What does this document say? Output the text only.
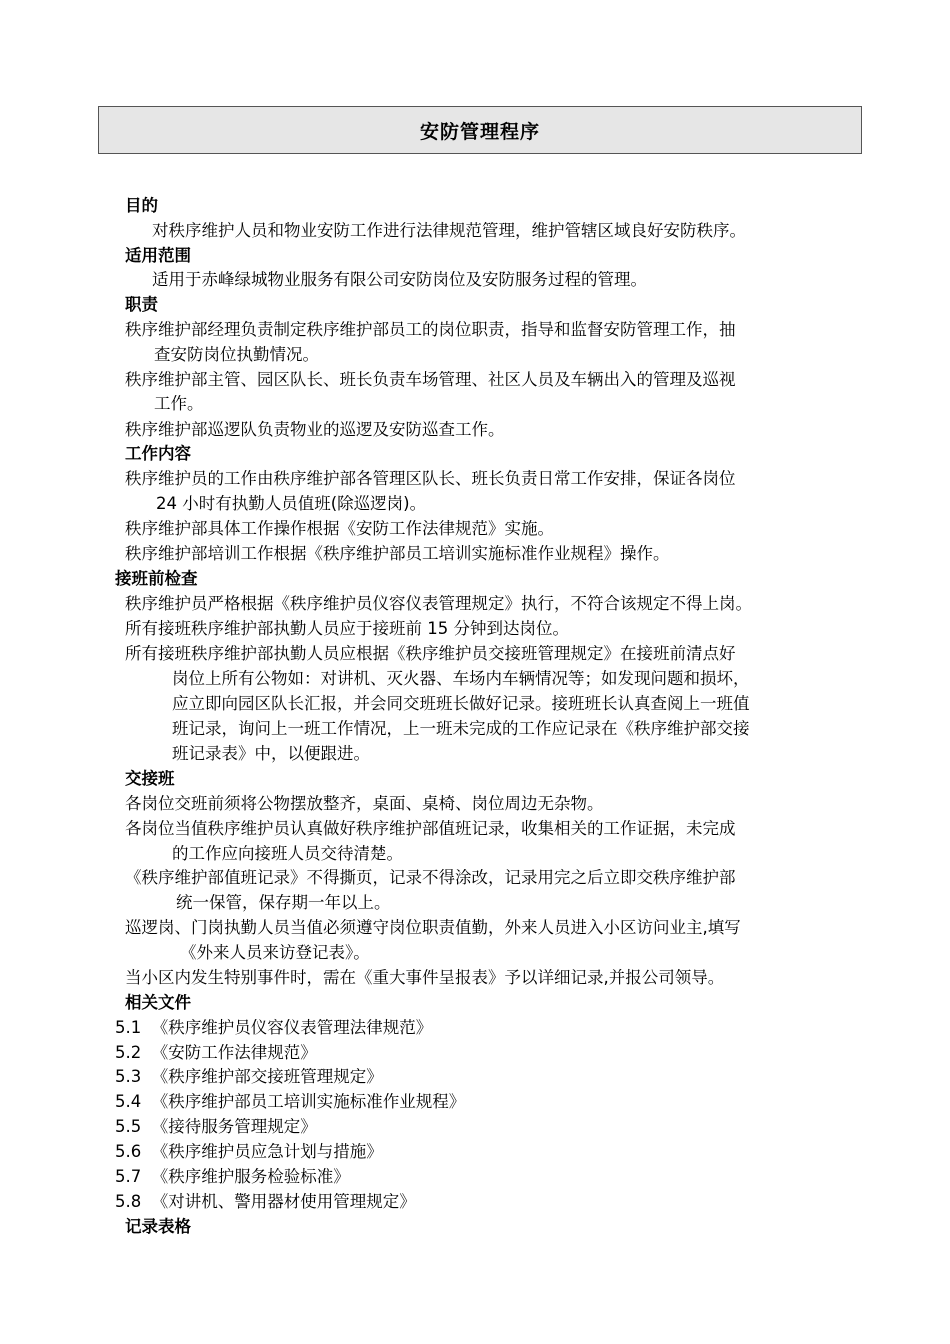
安防管理程序
目的
对秩序维护人员和物业安防工作进行法律规范管理，维护管辖区域良好安防秩序。
适用范围
适用于赤峰绿城物业服务有限公司安防岗位及安防服务过程的管理。
职责
秩序维护部经理负责制定秩序维护部员工的岗位职责，指导和监督安防管理工作，抽
查安防岗位执勤情况。
秩序维护部主管、园区队长、班长负责车场管理、社区人员及车辆出入的管理及巡视
工作。
秩序维护部巡逻队负责物业的巡逻及安防巡查工作。
工作内容
秩序维护员的工作由秩序维护部各管理区队长、班长负责日常工作安排，保证各岗位
24 小时有执勤人员值班(除巡逻岗)。
秩序维护部具体工作操作根据《安防工作法律规范》实施。
秩序维护部培训工作根据《秩序维护部员工培训实施标准作业规程》操作。
接班前检查
秩序维护员严格根据《秩序维护员仪容仪表管理规定》执行，不符合该规定不得上岗。
所有接班秩序维护部执勤人员应于接班前 15 分钟到达岗位。
所有接班秩序维护部执勤人员应根据《秩序维护员交接班管理规定》在接班前清点好
岗位上所有公物如：对讲机、灭火器、车场内车辆情况等；如发现问题和损坏，
应立即向园区队长汇报，并会同交班班长做好记录。接班班长认真查阅上一班值
班记录，询问上一班工作情况，上一班未完成的工作应记录在《秩序维护部交接
班记录表》中，以便跟进。
交接班
各岗位交班前须将公物摆放整齐，桌面、桌椅、岗位周边无杂物。
各岗位当值秩序维护员认真做好秩序维护部值班记录，收集相关的工作证据，未完成
的工作应向接班人员交待清楚。
《秩序维护部值班记录》不得撕页，记录不得涂改，记录用完之后立即交秩序维护部
统一保管，保存期一年以上。
巡逻岗、门岗执勤人员当值必须遵守岗位职责值勤，外来人员进入小区访问业主,填写
《外来人员来访登记表》。
当小区内发生特别事件时，需在《重大事件呈报表》予以详细记录,并报公司领导。
相关文件
5.1 《秩序维护员仪容仪表管理法律规范》
5.2 《安防工作法律规范》
5.3 《秩序维护部交接班管理规定》
5.4 《秩序维护部员工培训实施标准作业规程》
5.5 《接待服务管理规定》
5.6 《秩序维护员应急计划与措施》
5.7 《秩序维护服务检验标准》
5.8 《对讲机、警用器材使用管理规定》
记录表格
